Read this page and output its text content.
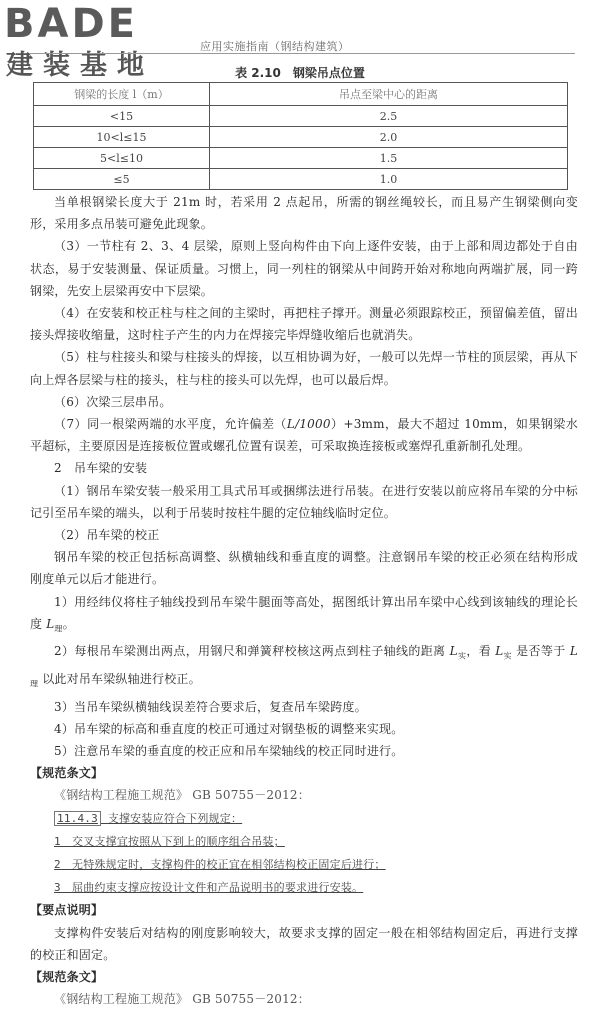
BADE
建装基地
应用实施指南（钢结构建筑）
表 2.10　钢梁吊点位置
钢梁的长度 l（m）	吊点至梁中心的距离
<15	2.5
10<l≤15	2.0
5<l≤10	1.5
≤5	1.0

当单根钢梁长度大于 21m 时，若采用 2 点起吊，所需的钢丝绳较长，而且易产生钢梁侧向变形，采用多点吊装可避免此现象。

（3）一节柱有 2、3、4 层梁，原则上竖向构件由下向上逐件安装，由于上部和周边都处于自由状态，易于安装测量、保证质量。习惯上，同一列柱的钢梁从中间跨开始对称地向两端扩展，同一跨钢梁，先安上层梁再安中下层梁。

（4）在安装和校正柱与柱之间的主梁时，再把柱子撑开。测量必须跟踪校正，预留偏差值，留出接头焊接收缩量，这时柱子产生的内力在焊接完毕焊缝收缩后也就消失。

（5）柱与柱接头和梁与柱接头的焊接，以互相协调为好，一般可以先焊一节柱的顶层梁，再从下向上焊各层梁与柱的接头，柱与柱的接头可以先焊，也可以最后焊。

（6）次梁三层串吊。

（7）同一根梁两端的水平度，允许偏差（L/1000）+3mm，最大不超过 10mm，如果钢梁水平超标，主要原因是连接板位置或螺孔位置有误差，可采取换连接板或塞焊孔重新制孔处理。

2　吊车梁的安装

（1）钢吊车梁安装一般采用工具式吊耳或捆绑法进行吊装。在进行安装以前应将吊车梁的分中标记引至吊车梁的端头，以利于吊装时按柱牛腿的定位轴线临时定位。

（2）吊车梁的校正

钢吊车梁的校正包括标高调整、纵横轴线和垂直度的调整。注意钢吊车梁的校正必须在结构形成刚度单元以后才能进行。

1）用经纬仪将柱子轴线投到吊车梁牛腿面等高处，据图纸计算出吊车梁中心线到该轴线的理论长度 $L_理$。

2）每根吊车梁测出两点，用钢尺和弹簧秤校核这两点到柱子轴线的距离 $L_实$，看 $L_实$ 是否等于 $L_理$ 以此对吊车梁纵轴进行校正。

3）当吊车梁纵横轴线误差符合要求后，复查吊车梁跨度。

4）吊车梁的标高和垂直度的校正可通过对钢垫板的调整来实现。

5）注意吊车梁的垂直度的校正应和吊车梁轴线的校正同时进行。

【规范条文】

《钢结构工程施工规范》 GB 50755－2012：

11.4.3 支撑安装应符合下列规定：

1　交叉支撑宜按照从下到上的顺序组合吊装；

2　无特殊规定时，支撑构件的校正宜在相邻结构校正固定后进行；

3　屈曲约束支撑应按设计文件和产品说明书的要求进行安装。

【要点说明】

支撑构件安装后对结构的刚度影响较大，故要求支撑的固定一般在相邻结构固定后，再进行支撑的校正和固定。

【规范条文】

《钢结构工程施工规范》 GB 50755－2012：
